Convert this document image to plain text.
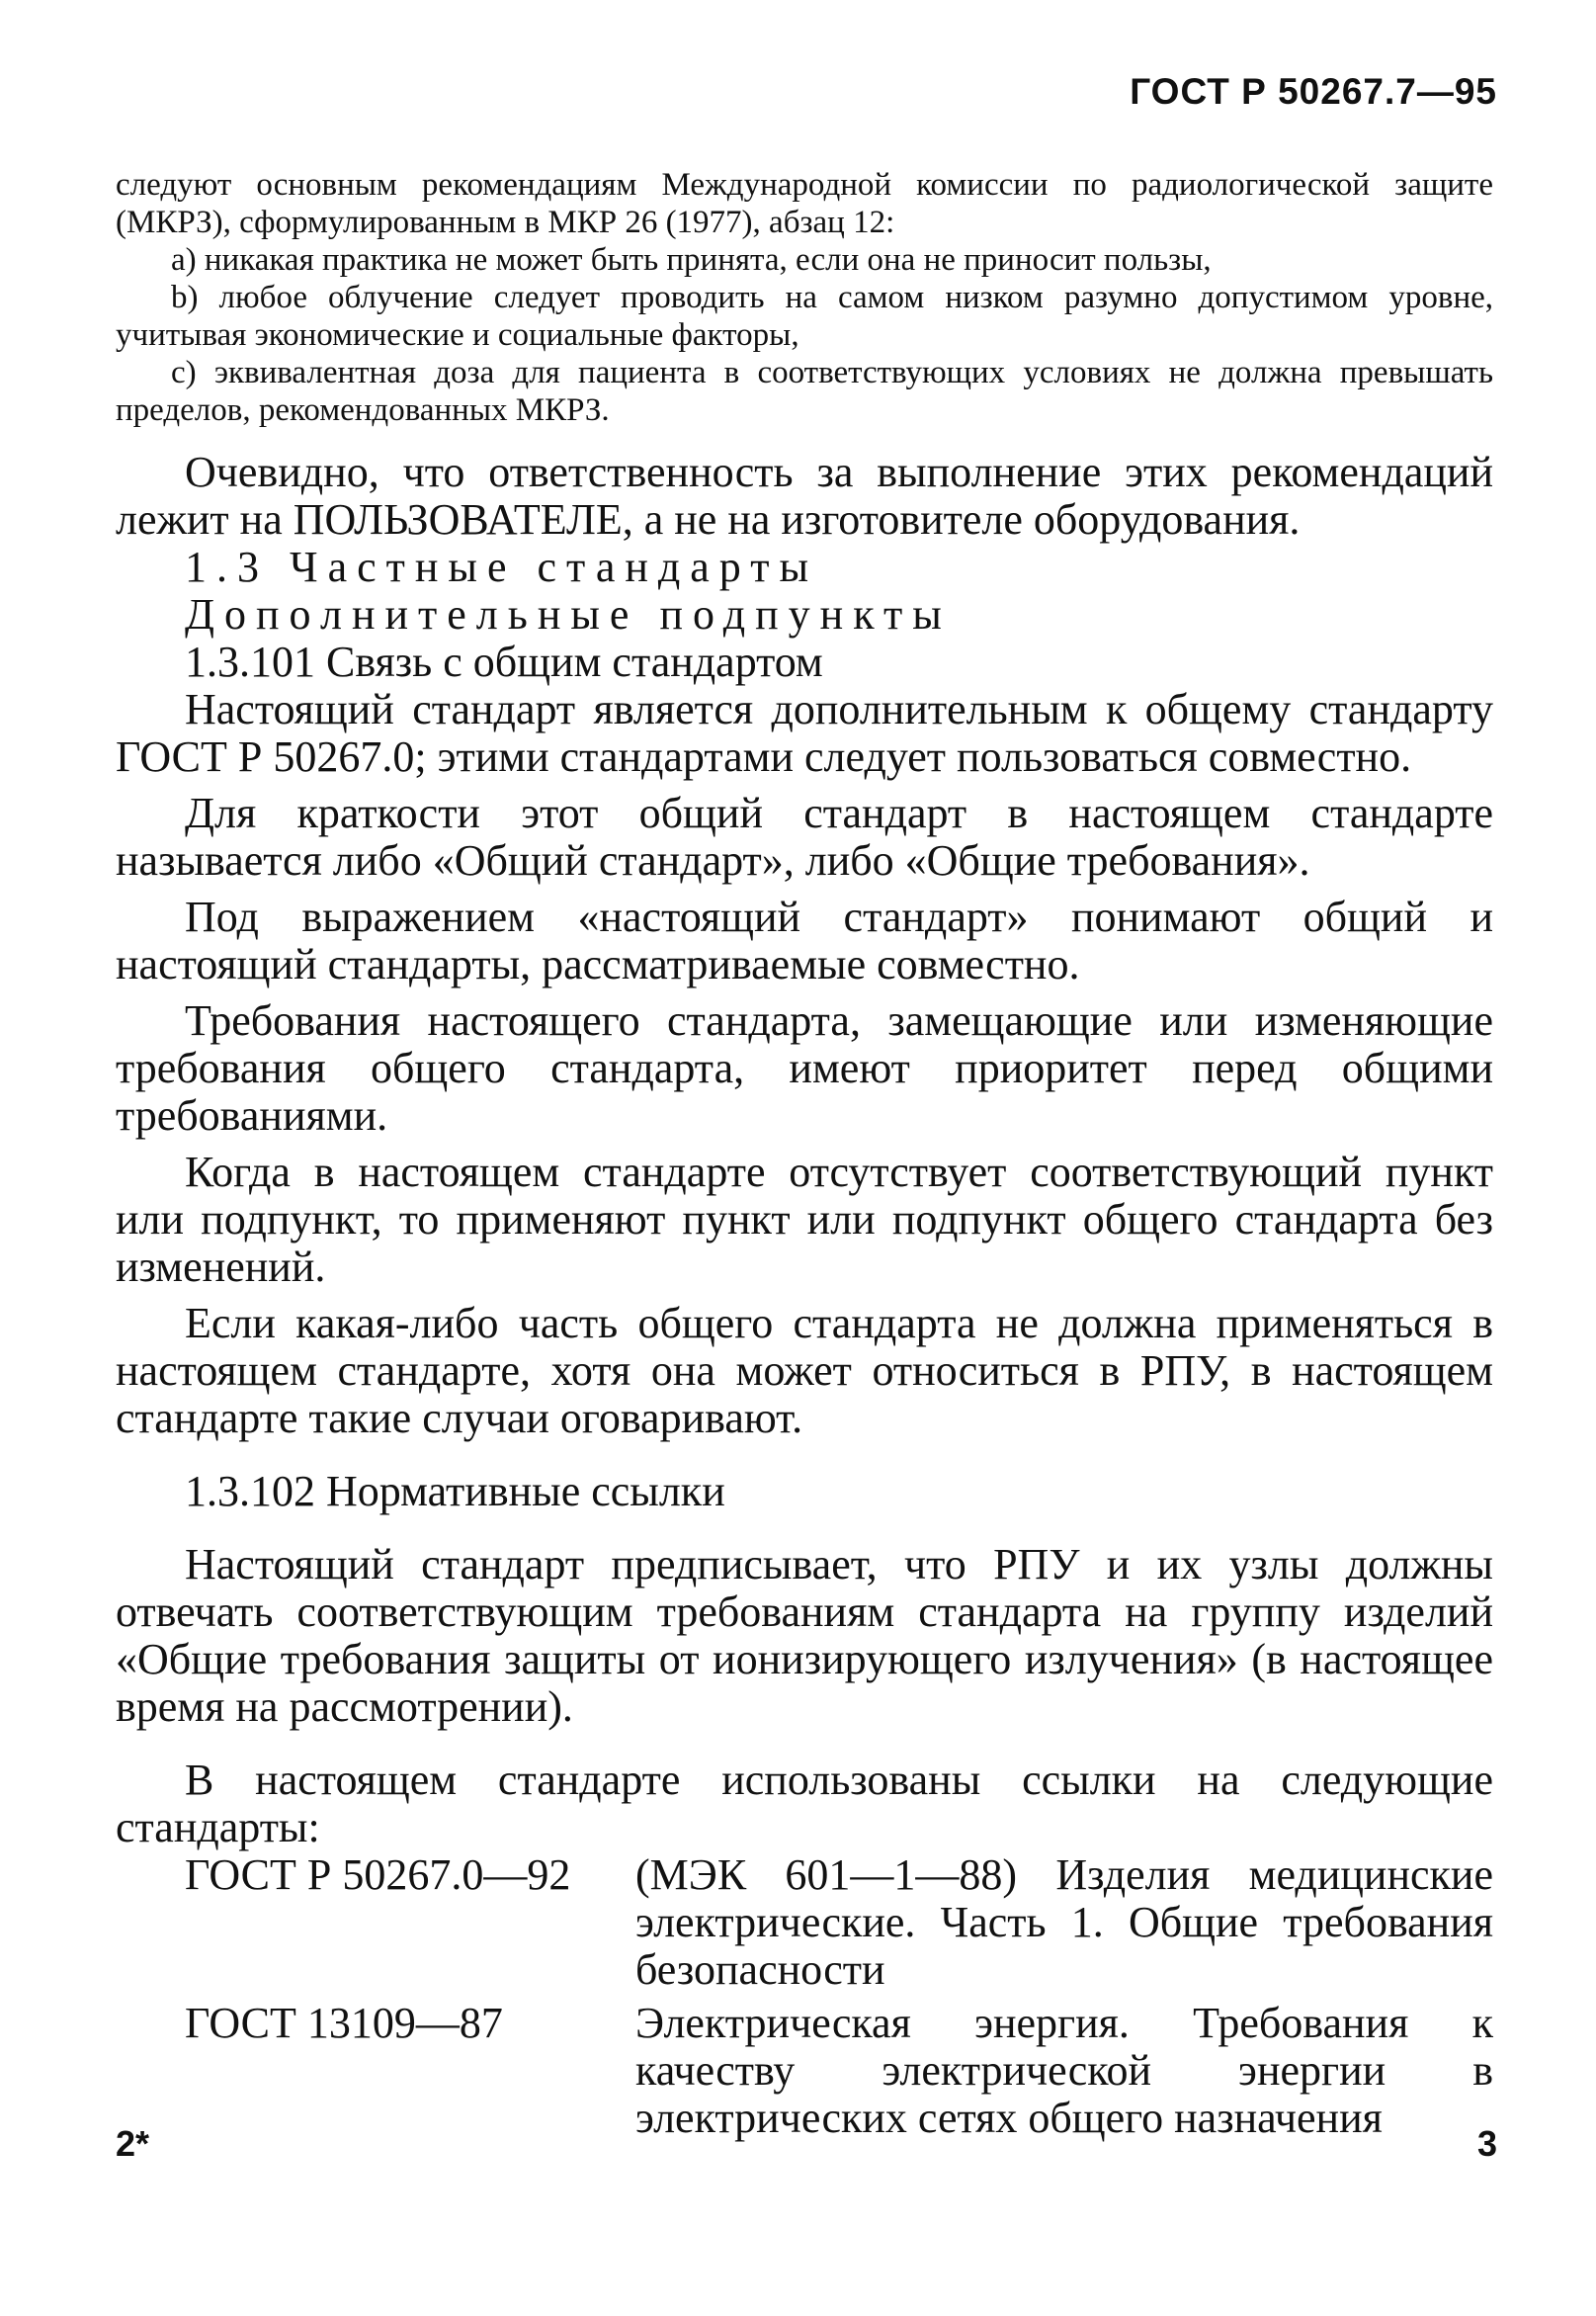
ГОСТ Р 50267.7—95

следуют основным рекомендациям Международной комиссии по радиологической защите (МКРЗ), сформулированным в МКР 26 (1977), абзац 12:

a) никакая практика не может быть принята, если она не приносит пользы,

b) любое облучение следует проводить на самом низком разумно допустимом уровне, учитывая экономические и социальные факторы,

c) эквивалентная доза для пациента в соответствующих условиях не должна превышать пределов, рекомендованных МКРЗ.

Очевидно, что ответственность за выполнение этих рекомендаций лежит на ПОЛЬЗОВАТЕЛЕ, а не на изготовителе оборудования.

1.3 Частные стандарты

Дополнительные подпункты

1.3.101 Связь с общим стандартом

Настоящий стандарт является дополнительным к общему стандарту ГОСТ Р 50267.0; этими стандартами следует пользоваться совместно.

Для краткости этот общий стандарт в настоящем стандарте называется либо «Общий стандарт», либо «Общие требования».

Под выражением «настоящий стандарт» понимают общий и настоящий стандарты, рассматриваемые совместно.

Требования настоящего стандарта, замещающие или изменяющие требования общего стандарта, имеют приоритет перед общими требованиями.

Когда в настоящем стандарте отсутствует соответствующий пункт или подпункт, то применяют пункт или подпункт общего стандарта без изменений.

Если какая-либо часть общего стандарта не должна применяться в настоящем стандарте, хотя она может относиться в РПУ, в настоящем стандарте такие случаи оговаривают.

1.3.102 Нормативные ссылки

Настоящий стандарт предписывает, что РПУ и их узлы должны отвечать соответствующим требованиям стандарта на группу изделий «Общие требования защиты от ионизирующего излучения» (в настоящее время на рассмотрении).

В настоящем стандарте использованы ссылки на следующие стандарты:

ГОСТ Р 50267.0—92	(МЭК 601—1—88) Изделия медицинские электрические. Часть 1. Общие требования безопасности
ГОСТ 13109—87	Электрическая энергия. Требования к качеству электрической энергии в электрических сетях общего назначения
2*	3
